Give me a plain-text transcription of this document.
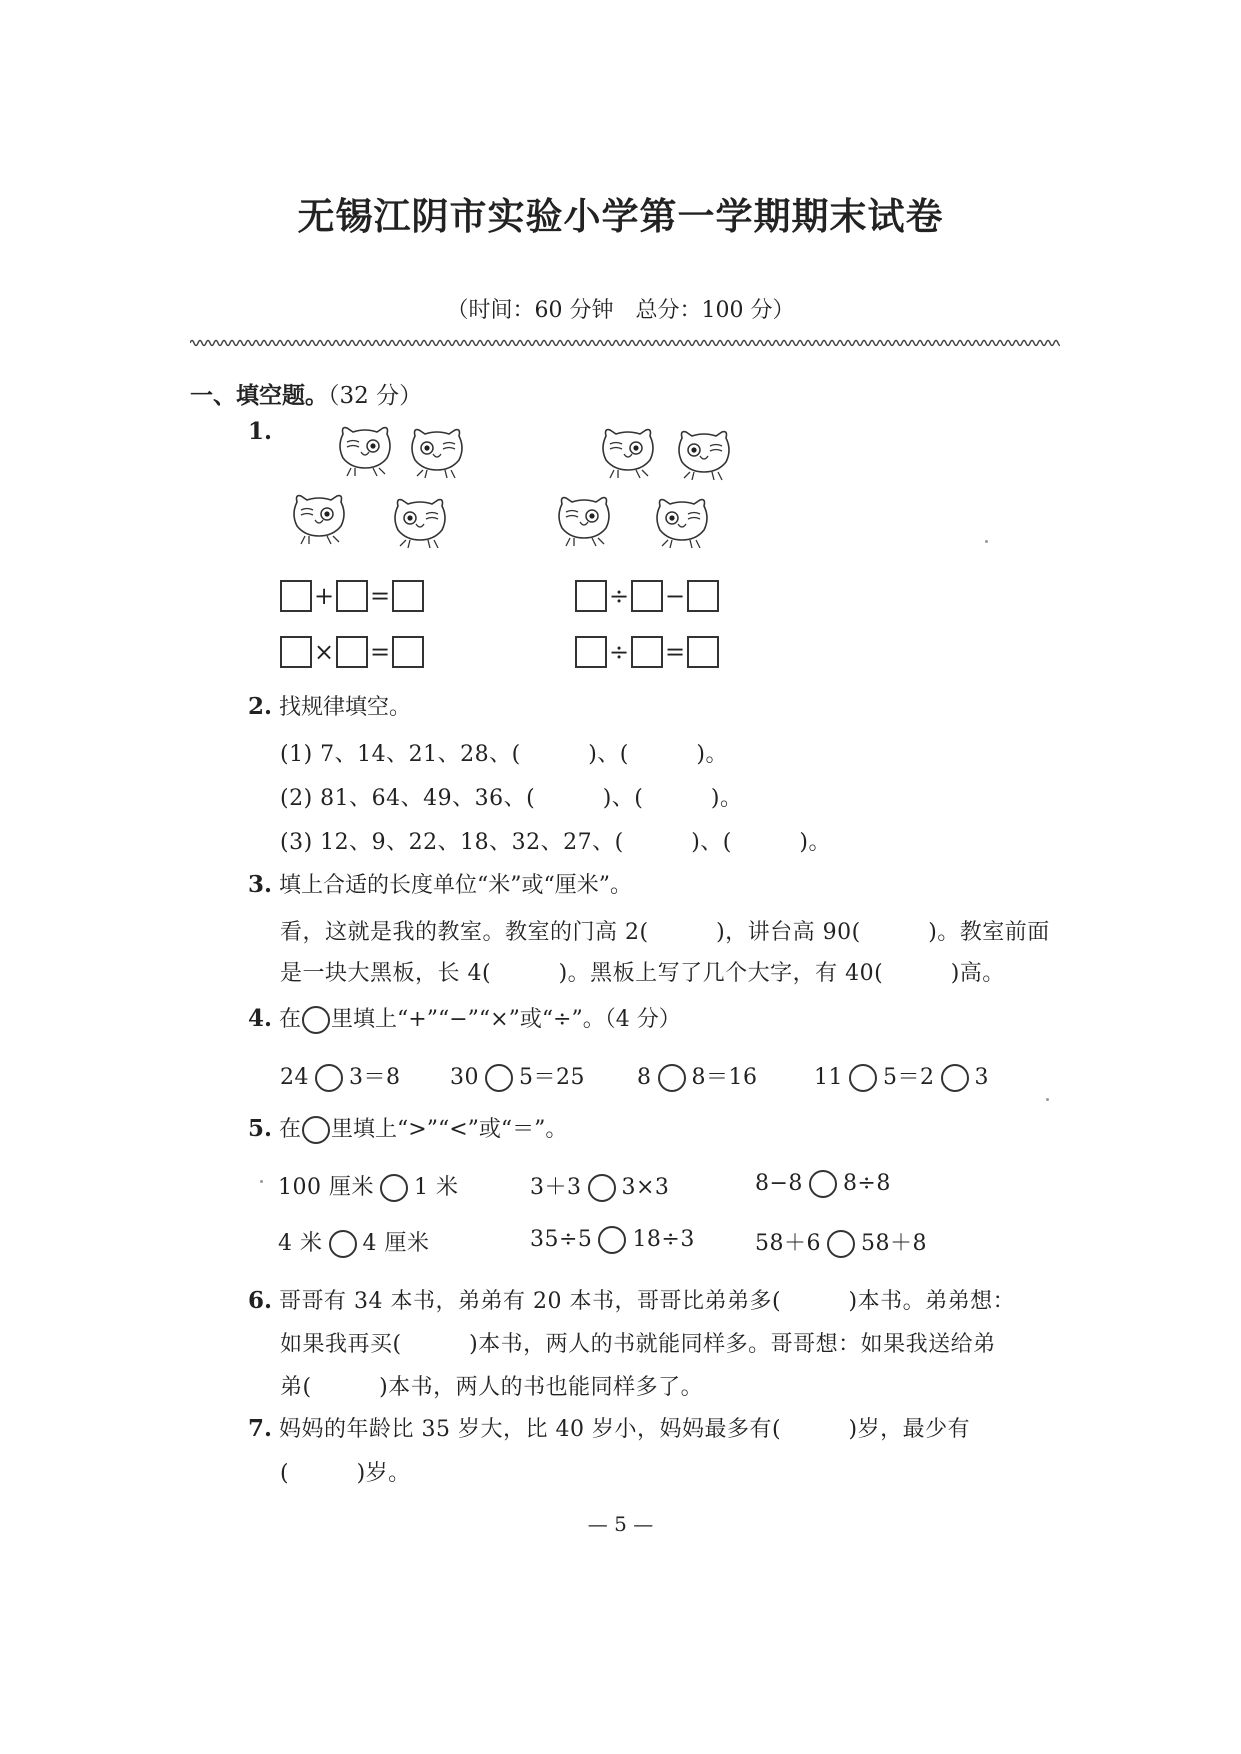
无锡江阴市实验小学第一学期期末试卷
（时间：60 分钟　总分：100 分）
一、填空题。（32 分）
1.
+ =
× =
÷ −
÷ =
2. 找规律填空。
(1) 7、14、21、28、(　　　)、(　　　)。
(2) 81、64、49、36、(　　　)、(　　　)。
(3) 12、9、22、18、32、27、(　　　)、(　　　)。
3. 填上合适的长度单位“米”或“厘米”。
看，这就是我的教室。教室的门高 2(　　　)，讲台高 90(　　　)。教室前面
是一块大黑板，长 4(　　　)。黑板上写了几个大字，有 40(　　　)高。
4. 在 里填上“+”“−”“×”或“÷”。（4 分）
24 3＝8 30 5＝25 8 8＝16	11 5＝2 3
5. 在 里填上“>”“<”或“＝”。
100 厘米 1 米	3＋3 3×3	8−8 8÷8
4 米 4 厘米	35÷5 18÷3	58＋6 58＋8
6. 哥哥有 34 本书，弟弟有 20 本书，哥哥比弟弟多(　　　)本书。弟弟想：
如果我再买(　　　)本书，两人的书就能同样多。哥哥想：如果我送给弟
弟(　　　)本书，两人的书也能同样多了。
7. 妈妈的年龄比 35 岁大，比 40 岁小，妈妈最多有(　　　)岁，最少有
(　　　)岁。
— 5 —
